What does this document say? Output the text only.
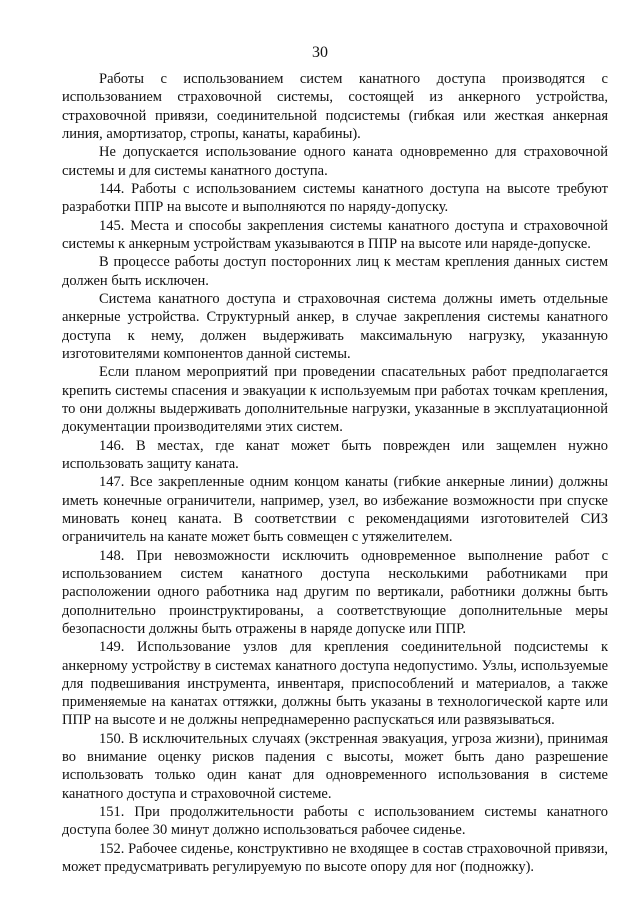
30

Работы с использованием систем канатного доступа производятся с использованием страховочной системы, состоящей из анкерного устройства, страховочной привязи, соединительной подсистемы (гибкая или жесткая анкерная линия, амортизатор, стропы, канаты, карабины).

Не допускается использование одного каната одновременно для страховочной системы и для системы канатного доступа.

144. Работы с использованием системы канатного доступа на высоте требуют разработки ППР на высоте и выполняются по наряду-допуску.

145. Места и способы закрепления системы канатного доступа и страховочной системы к анкерным устройствам указываются в ППР на высоте или наряде-допуске.

В процессе работы доступ посторонних лиц к местам крепления данных систем должен быть исключен.

Система канатного доступа и страховочная система должны иметь отдельные анкерные устройства. Структурный анкер, в случае закрепления системы канатного доступа к нему, должен выдерживать максимальную нагрузку, указанную изготовителями компонентов данной системы.

Если планом мероприятий при проведении спасательных работ предполагается крепить системы спасения и эвакуации к используемым при работах точкам крепления, то они должны выдерживать дополнительные нагрузки, указанные в эксплуатационной документации производителями этих систем.

146. В местах, где канат может быть поврежден или защемлен нужно использовать защиту каната.

147. Все закрепленные одним концом канаты (гибкие анкерные линии) должны иметь конечные ограничители, например, узел, во избежание возможности при спуске миновать конец каната. В соответствии с рекомендациями изготовителей СИЗ ограничитель на канате может быть совмещен с утяжелителем.

148. При невозможности исключить одновременное выполнение работ с использованием систем канатного доступа несколькими работниками при расположении одного работника над другим по вертикали, работники должны быть дополнительно проинструктированы, а соответствующие дополнительные меры безопасности должны быть отражены в наряде допуске или ППР.

149. Использование узлов для крепления соединительной подсистемы к анкерному устройству в системах канатного доступа недопустимо. Узлы, используемые для подвешивания инструмента, инвентаря, приспособлений и материалов, а также применяемые на канатах оттяжки, должны быть указаны в технологической карте или ППР на высоте и не должны непреднамеренно распускаться или развязываться.

150. В исключительных случаях (экстренная эвакуация, угроза жизни), принимая во внимание оценку рисков падения с высоты, может быть дано разрешение использовать только один канат для одновременного использования в системе канатного доступа и страховочной системе.

151. При продолжительности работы с использованием системы канатного доступа более 30 минут должно использоваться рабочее сиденье.

152. Рабочее сиденье, конструктивно не входящее в состав страховочной привязи, может предусматривать регулируемую по высоте опору для ног (подножку).
